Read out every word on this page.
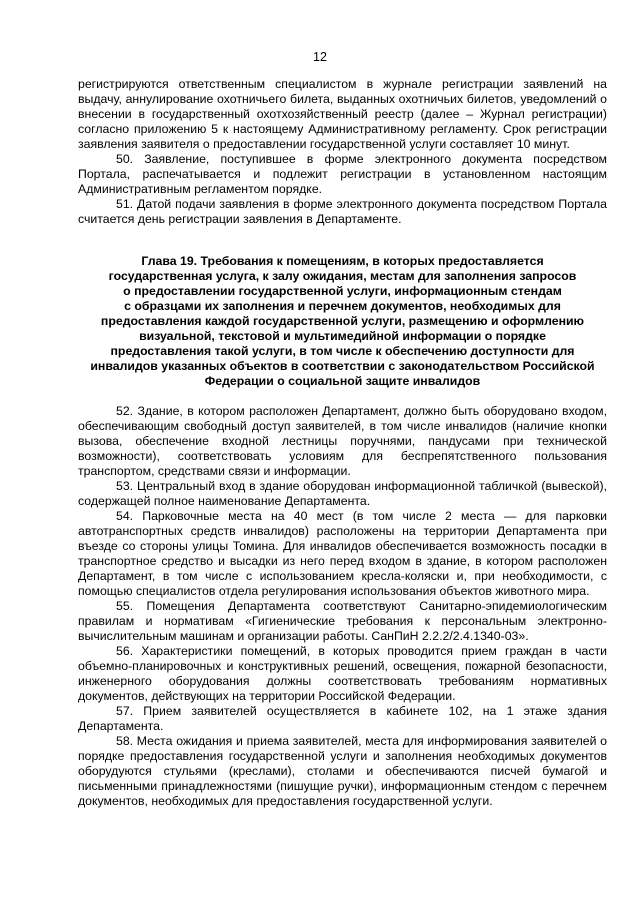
12

регистрируются ответственным специалистом в журнале регистрации заявлений на выдачу, аннулирование охотничьего билета, выданных охотничьих билетов, уведомлений о внесении в государственный охотхозяйственный реестр (далее – Журнал регистрации) согласно приложению 5 к настоящему Административному регламенту. Срок регистрации заявления заявителя о предоставлении государственной услуги составляет 10 минут.

50. Заявление, поступившее в форме электронного документа посредством Портала, распечатывается и подлежит регистрации в установленном настоящим Административным регламентом порядке.

51. Датой подачи заявления в форме электронного документа посредством Портала считается день регистрации заявления в Департаменте.

Глава 19. Требования к помещениям, в которых предоставляется
государственная услуга, к залу ожидания, местам для заполнения запросов
о предоставлении государственной услуги, информационным стендам
с образцами их заполнения и перечнем документов, необходимых для
предоставления каждой государственной услуги, размещению и оформлению
визуальной, текстовой и мультимедийной информации о порядке
предоставления такой услуги, в том числе к обеспечению доступности для
инвалидов указанных объектов в соответствии с законодательством Российской
Федерации о социальной защите инвалидов

52. Здание, в котором расположен Департамент, должно быть оборудовано входом, обеспечивающим свободный доступ заявителей, в том числе инвалидов (наличие кнопки вызова, обеспечение входной лестницы поручнями, пандусами при технической возможности), соответствовать условиям для беспрепятственного пользования транспортом, средствами связи и информации.

53. Центральный вход в здание оборудован информационной табличкой (вывеской), содержащей полное наименование Департамента.

54. Парковочные места на 40 мест (в том числе 2 места — для парковки автотранспортных средств инвалидов) расположены на территории Департамента при въезде со стороны улицы Томина. Для инвалидов обеспечивается возможность посадки в транспортное средство и высадки из него перед входом в здание, в котором расположен Департамент, в том числе с использованием кресла-коляски и, при необходимости, с помощью специалистов отдела регулирования использования объектов животного мира.

55. Помещения Департамента соответствуют Санитарно-эпидемиологическим правилам и нормативам «Гигиенические требования к персональным электронно-вычислительным машинам и организации работы. СанПиН 2.2.2/2.4.1340-03».

56. Характеристики помещений, в которых проводится прием граждан в части объемно-планировочных и конструктивных решений, освещения, пожарной безопасности, инженерного оборудования должны соответствовать требованиям нормативных документов, действующих на территории Российской Федерации.

57. Прием заявителей осуществляется в кабинете 102, на 1 этаже здания Департамента.

58. Места ожидания и приема заявителей, места для информирования заявителей о порядке предоставления государственной услуги и заполнения необходимых документов оборудуются стульями (креслами), столами и обеспечиваются писчей бумагой и письменными принадлежностями (пишущие ручки), информационным стендом с перечнем документов, необходимых для предоставления государственной услуги.
